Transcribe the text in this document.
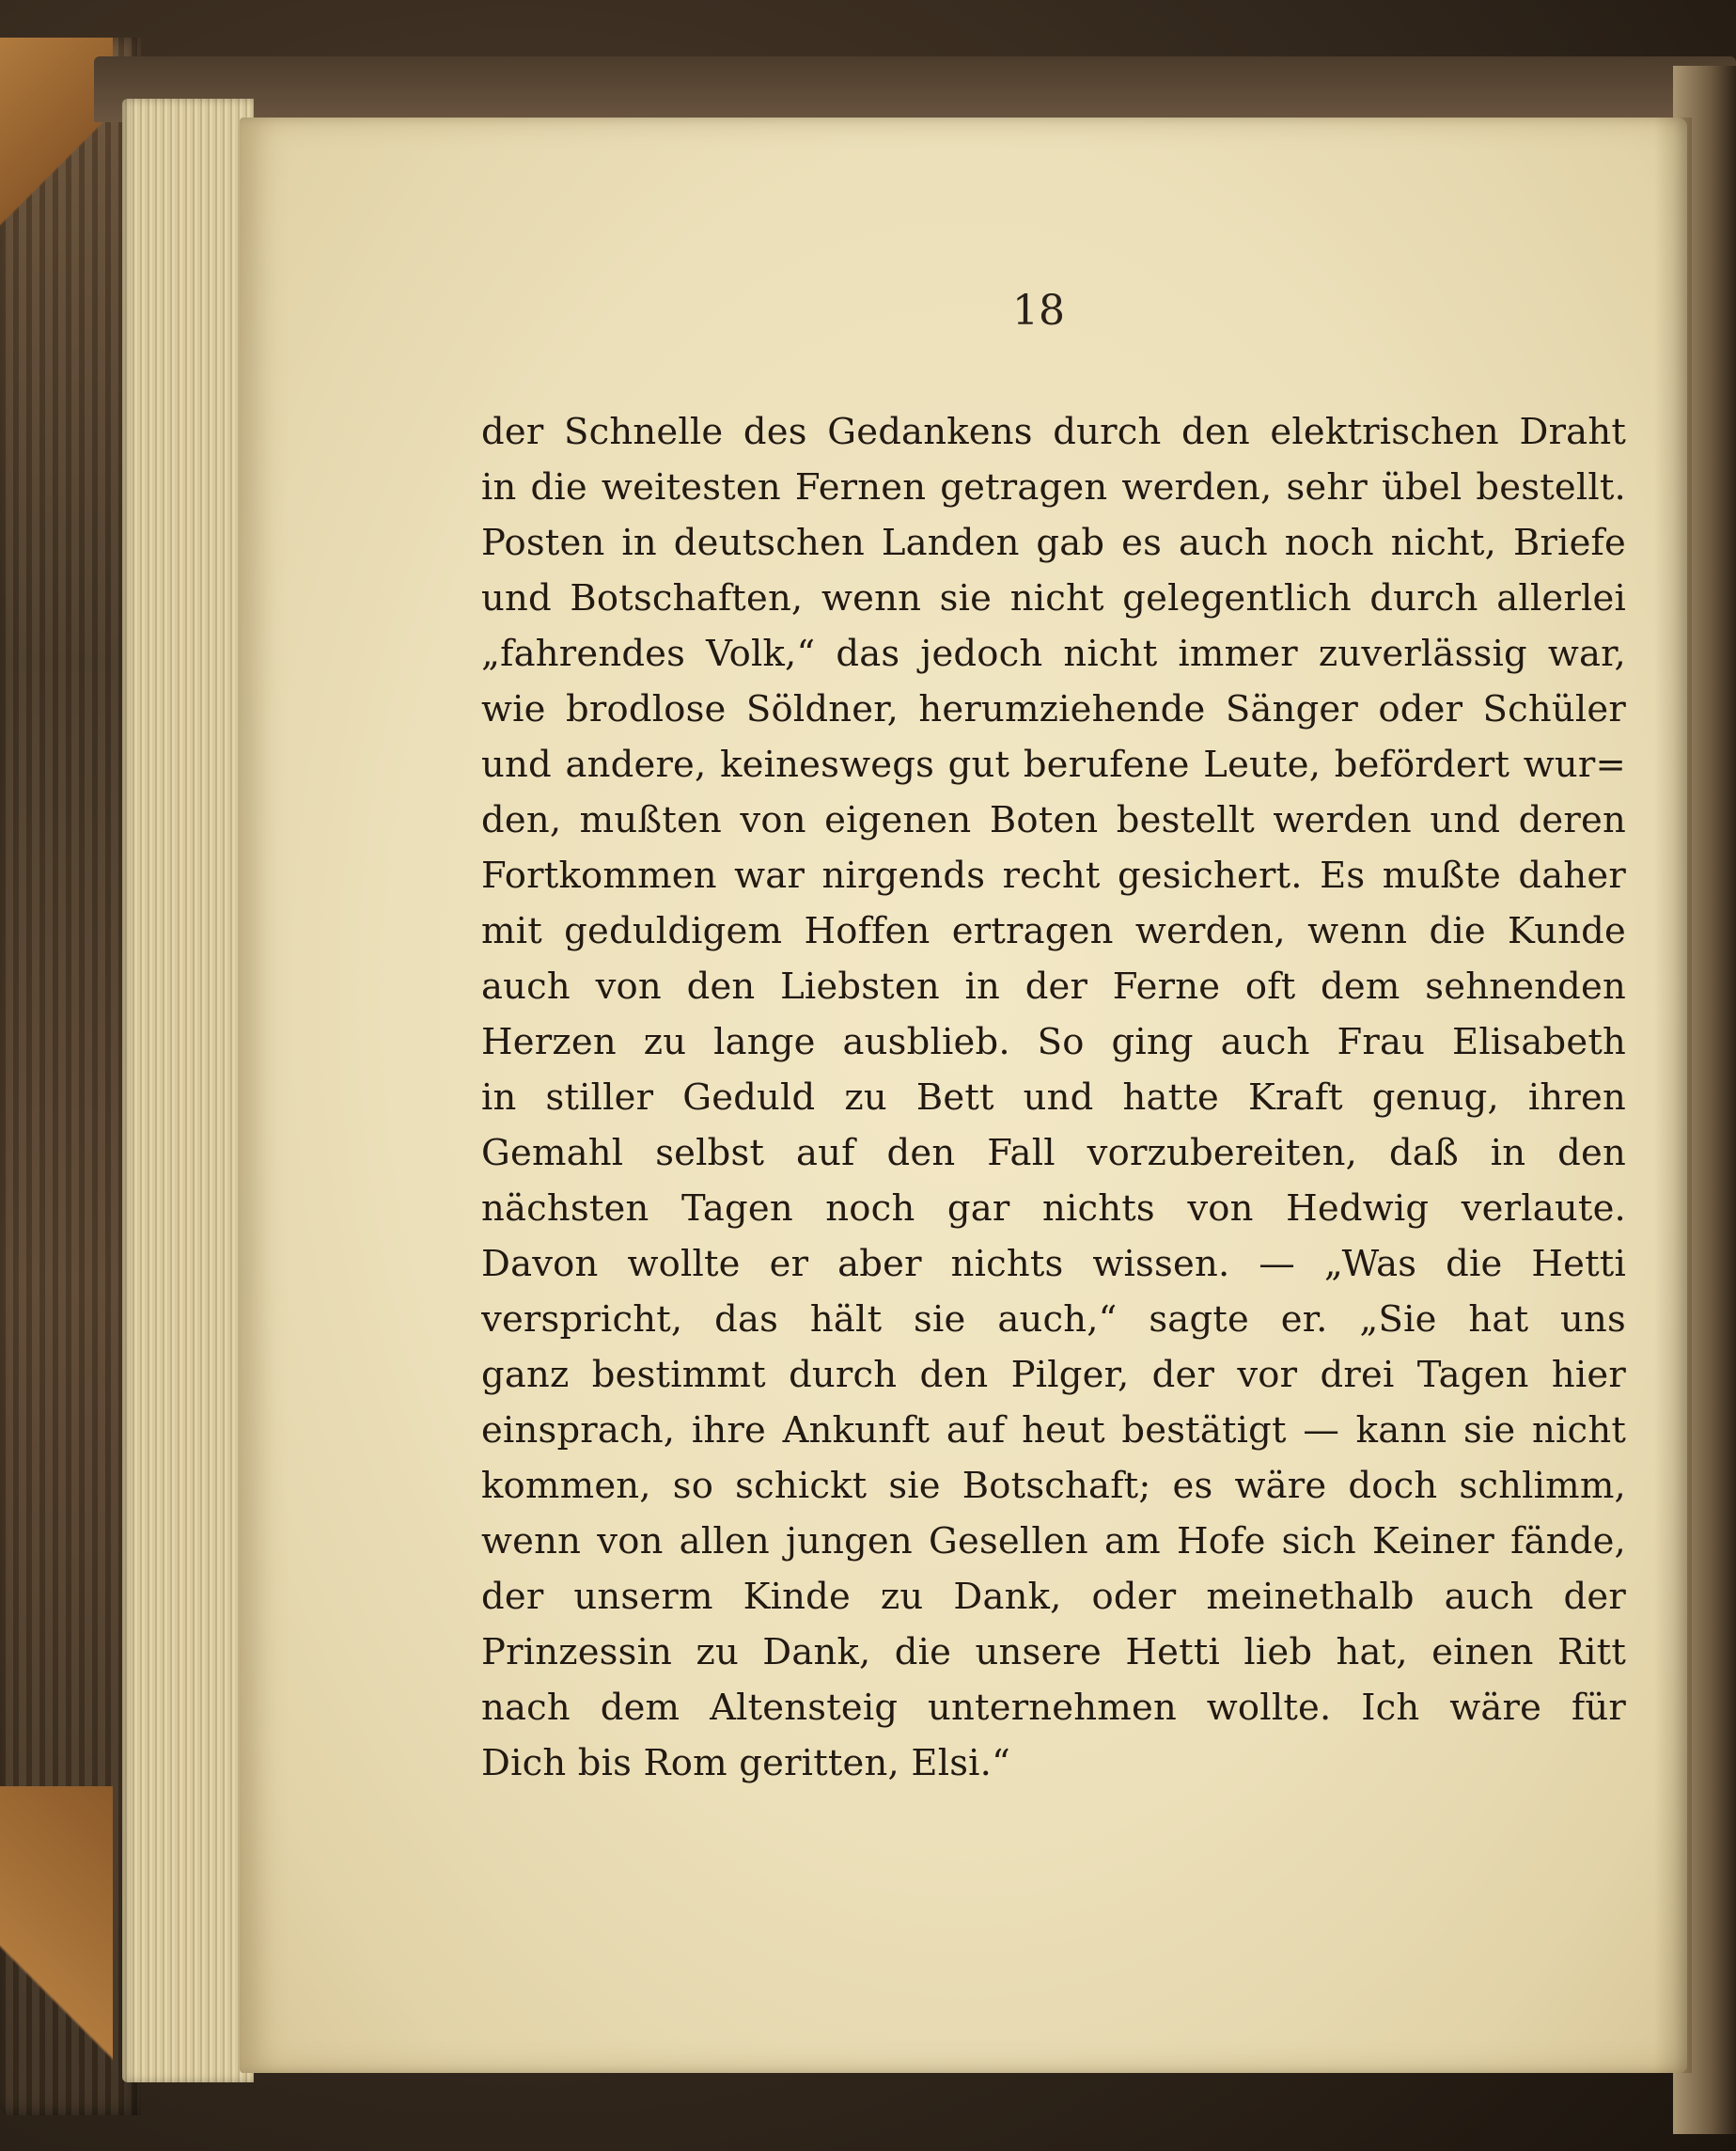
18
der Schnelle des Gedankens durch den elektrischen Draht
in die weitesten Fernen getragen werden, sehr übel bestellt.
Posten in deutschen Landen gab es auch noch nicht, Briefe
und Botschaften, wenn sie nicht gelegentlich durch allerlei
„fahrendes Volk,“ das jedoch nicht immer zuverlässig war,
wie brodlose Söldner, herumziehende Sänger oder Schüler
und andere, keineswegs gut berufene Leute, befördert wur=
den, mußten von eigenen Boten bestellt werden und deren
Fortkommen war nirgends recht gesichert. Es mußte daher
mit geduldigem Hoffen ertragen werden, wenn die Kunde
auch von den Liebsten in der Ferne oft dem sehnenden
Herzen zu lange ausblieb. So ging auch Frau Elisabeth
in stiller Geduld zu Bett und hatte Kraft genug, ihren
Gemahl selbst auf den Fall vorzubereiten, daß in den
nächsten Tagen noch gar nichts von Hedwig verlaute.
Davon wollte er aber nichts wissen. — „Was die Hetti
verspricht, das hält sie auch,“ sagte er. „Sie hat uns
ganz bestimmt durch den Pilger, der vor drei Tagen hier
einsprach, ihre Ankunft auf heut bestätigt — kann sie nicht
kommen, so schickt sie Botschaft; es wäre doch schlimm,
wenn von allen jungen Gesellen am Hofe sich Keiner fände,
der unserm Kinde zu Dank, oder meinethalb auch der
Prinzessin zu Dank, die unsere Hetti lieb hat, einen Ritt
nach dem Altensteig unternehmen wollte. Ich wäre für
Dich bis Rom geritten, Elsi.“
